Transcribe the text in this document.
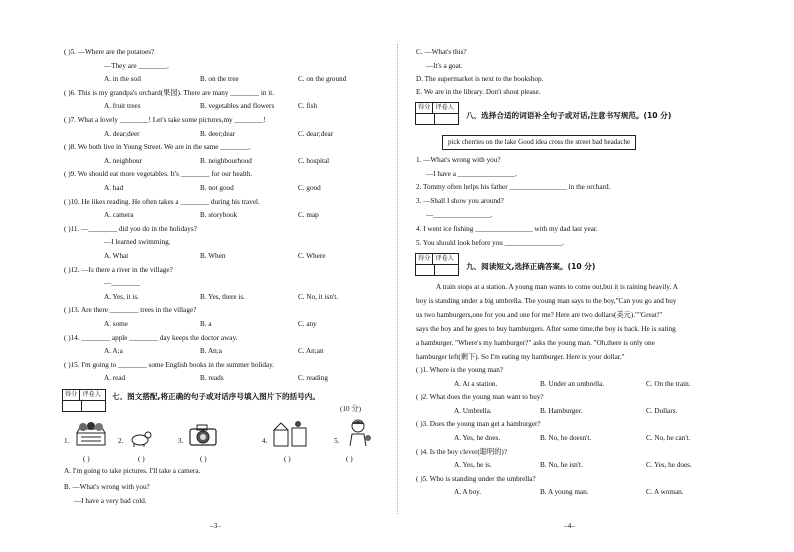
( )5. —Where are the potatoes?
—They are ________.
A. in the soil	B. on the tree	C. on the ground
( )6. This is my grandpa's orchard(果园). There are many ________ in it.
A. fruit trees	B. vegetables and flowers	C. fish
( )7. What a lovely ________! Let's take some pictures,my ________!
A. dear;deer	B. deer;dear	C. dear;dear
( )8. We both live in Young Street. We are in the same ________.
A. neighbour	B. neighbourhood	C. hospital
( )9. We should eat more vegetables. It's ________ for our health.
A. had	B. not good	C. good
( )10. He likes reading. He often takes a ________ during his travel.
A. camera	B. storybook	C. map
( )11. —________ did you do in the holidays?
—I learned swimming.
A. What	B. When	C. Where
( )12. —Is there a river in the village?
—________
A. Yes, it is.	B. Yes, there is.	C. No, it isn't.
( )13. Are there ________ trees in the village?
A. some	B. a	C. any
( )14. ________ apple ________ day keeps the doctor away.
A. A;a	B. An;a	C. An;an
( )15. I'm going to ________ some English books in the summer holiday.
A. read	B. reads	C. reading
得分 评卷人 七、图文搭配,将正确的句子或对话序号填入图片下的括号内。
(10 分)
1.
( )
2.
( )
3.
( )
4.
( )
5.
( )
A. I'm going to take pictures. I'll take a camera.
B. —What's wrong with you?
—I have a very bad cold.
–3–
C. —What's this?
—It's a goat.
D. The supermarket is next to the bookshop.
E. We are in the library. Don't shout please.
得分 评卷人
八、选择合适的词语补全句子或对话,注意书写规范。(10 分)
pick cherries on the lake Good idea cross the street bad headache
1. —What's wrong with you?
—I have a ________________.
2. Tommy often helps his father ________________ in the orchard.
3. —Shall I show you around?
—________________.
4. I went ice fishing ________________ with my dad last year.
5. You should look before you ________________.
得分 评卷人
九、阅读短文,选择正确答案。(10 分)
A train stops at a station. A young man wants to come out,but it is raining heavily. A
boy is standing under a big umbrella. The young man says to the boy,"Can you go and buy
us two hamburgers,one for you and one for me? Here are two dollars(美元).""Great!"
says the boy and he goes to buy hamburgers. After some time,the boy is back. He is eating
a hamburger. "Where's my hamburger?" asks the young man. "Oh,there is only one
hamburger left(剩下). So I'm eating my hamburger. Here is your dollar."
( )1. Where is the young man?
A. At a station.	B. Under an umbrella.	C. On the train.
( )2. What does the young man want to buy?
A. Umbrella.	B. Hamburger.	C. Dollars.
( )3. Does the young man get a hamburger?
A. Yes, he does.	B. No, he doesn't.	C. No, he can't.
( )4. Is the boy clever(聪明的)?
A. Yes, he is.	B. No, he isn't.	C. Yes, he does.
( )5. Who is standing under the umbrella?
A. A boy.	B. A young man.	C. A woman.
–4–
